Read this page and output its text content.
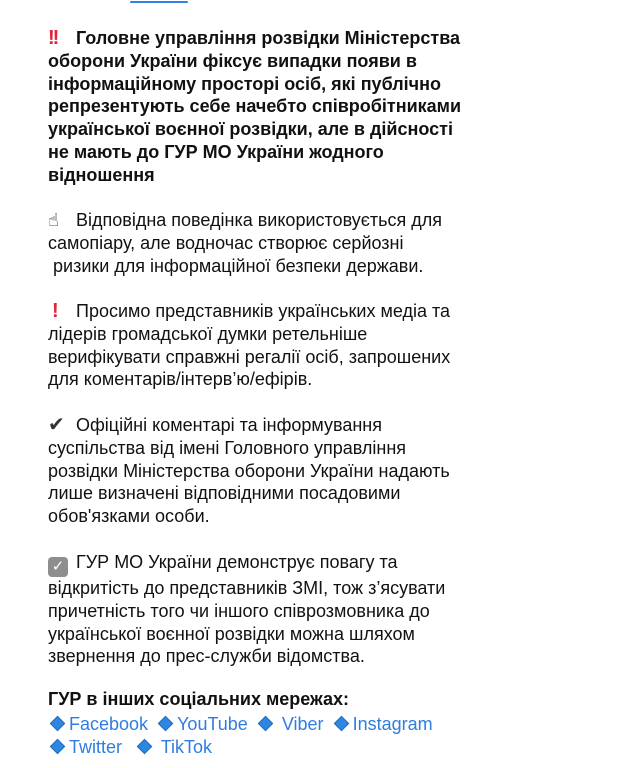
!! Головне управління розвідки Міністерства
оборони України фіксує випадки появи в
інформаційному просторі осіб, які публічно
репрезентують себе начебто співробітниками
української воєнної розвідки, але в дійсності
не мають до ГУР МО України жодного
відношення
☝ Відповідна поведінка використовується для
самопіару, але водночас створює серйозні
ризики для інформаційної безпеки держави.
! Просимо представників українських медіа та
лідерів громадської думки ретельніше
верифікувати справжні регалії осіб, запрошених
для коментарів/інтерв’ю/ефірів.
✔ Офіційні коментарі та інформування
суспільства від імені Головного управління
розвідки Міністерства оборони України надають
лише визначені відповідними посадовими
обов'язками особи.
✓ ГУР МО України демонструє повагу та
відкритість до представників ЗМІ, тож з’ясувати
причетність того чи іншого співрозмовника до
української воєнної розвідки можна шляхом
звернення до прес-служби відомства.
ГУР в інших соціальних мережах:
Facebook YouTube Viber Instagram
Twitter TikTok
